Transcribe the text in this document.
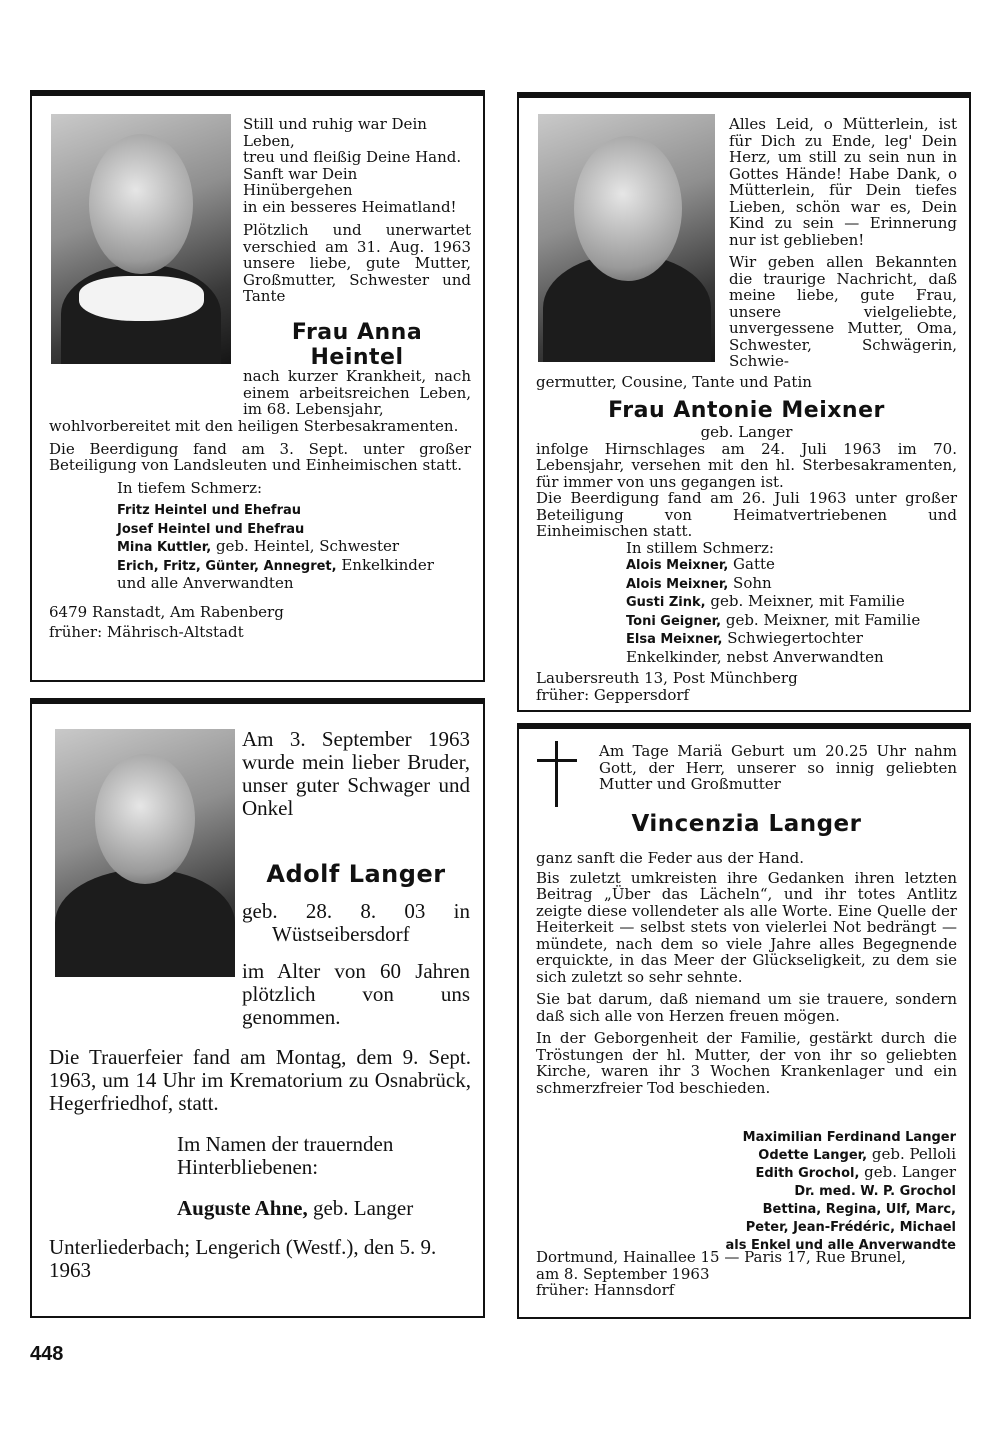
Still und ruhig war Dein Leben,
treu und fleißig Deine Hand.
Sanft war Dein Hinübergehen
in ein besseres Heimatland!

Plötzlich und unerwartet verschied am 31. Aug. 1963 unsere liebe, gute Mutter, Großmutter, Schwester und Tante

Frau Anna Heintel

nach kurzer Krankheit, nach einem arbeitsreichen Leben, im 68. Lebensjahr,

wohlvorbereitet mit den heiligen Sterbesakramenten.

Die Beerdigung fand am 3. Sept. unter großer Beteiligung von Landsleuten und Einheimischen statt.

In tiefem Schmerz:

Fritz Heintel und Ehefrau
Josef Heintel und Ehefrau
Mina Kuttler, geb. Heintel, Schwester
Erich, Fritz, Günter, Annegret, Enkelkinder
und alle Anverwandten
6479 Ranstadt, Am Rabenberg
früher: Mährisch-Altstadt

Alles Leid, o Mütterlein, ist für Dich zu Ende, leg' Dein Herz, um still zu sein nun in Gottes Hände! Habe Dank, o Mütterlein, für Dein tiefes Lieben, schön war es, Dein Kind zu sein — Erinnerung nur ist geblieben!

Wir geben allen Bekannten die traurige Nachricht, daß meine liebe, gute Frau, unsere vielgeliebte, unvergessene Mutter, Oma, Schwester, Schwägerin, Schwie-

germutter, Cousine, Tante und Patin

Frau Antonie Meixner
geb. Langer

infolge Hirnschlages am 24. Juli 1963 im 70. Lebensjahr, versehen mit den hl. Sterbesakramenten, für immer von uns gegangen ist.

Die Beerdigung fand am 26. Juli 1963 unter großer Beteiligung von Heimatvertriebenen und Einheimischen statt.

In stillem Schmerz:
Alois Meixner, Gatte
Alois Meixner, Sohn
Gusti Zink, geb. Meixner, mit Familie
Toni Geigner, geb. Meixner, mit Familie
Elsa Meixner, Schwiegertochter
Enkelkinder, nebst Anverwandten
Laubersreuth 13, Post Münchberg
früher: Geppersdorf

Am 3. September 1963 wurde mein lieber Bruder, unser guter Schwager und Onkel

Adolf Langer

geb. 28. 8. 03 in Wüstseibersdorf

im Alter von 60 Jahren plötzlich von uns genommen.

Die Trauerfeier fand am Montag, dem 9. Sept. 1963, um 14 Uhr im Krematorium zu Osnabrück, Hegerfriedhof, statt.

Im Namen der trauernden Hinterbliebenen:

Auguste Ahne, geb. Langer

Unterliederbach; Lengerich (Westf.), den 5. 9. 1963

Am Tage Mariä Geburt um 20.25 Uhr nahm Gott, der Herr, unserer so innig geliebten Mutter und Großmutter

Vincenzia Langer

ganz sanft die Feder aus der Hand.

Bis zuletzt umkreisten ihre Gedanken ihren letzten Beitrag „Über das Lächeln“, und ihr totes Antlitz zeigte diese vollendeter als alle Worte. Eine Quelle der Heiterkeit — selbst stets von vielerlei Not bedrängt — mündete, nach dem so viele Jahre alles Begegnende erquickte, in das Meer der Glückseligkeit, zu dem sie sich zuletzt so sehr sehnte.

Sie bat darum, daß niemand um sie trauere, sondern daß sich alle von Herzen freuen mögen.

In der Geborgenheit der Familie, gestärkt durch die Tröstungen der hl. Mutter, der von ihr so geliebten Kirche, waren ihr 3 Wochen Krankenlager und ein schmerzfreier Tod beschieden.

Maximilian Ferdinand Langer
Odette Langer, geb. Pelloli
Edith Grochol, geb. Langer
Dr. med. W. P. Grochol
Bettina, Regina, Ulf, Marc,
Peter, Jean-Frédéric, Michael
als Enkel und alle Anverwandte
Dortmund, Hainallee 15 — Paris 17, Rue Brunel,
am 8. September 1963
früher: Hannsdorf
448
